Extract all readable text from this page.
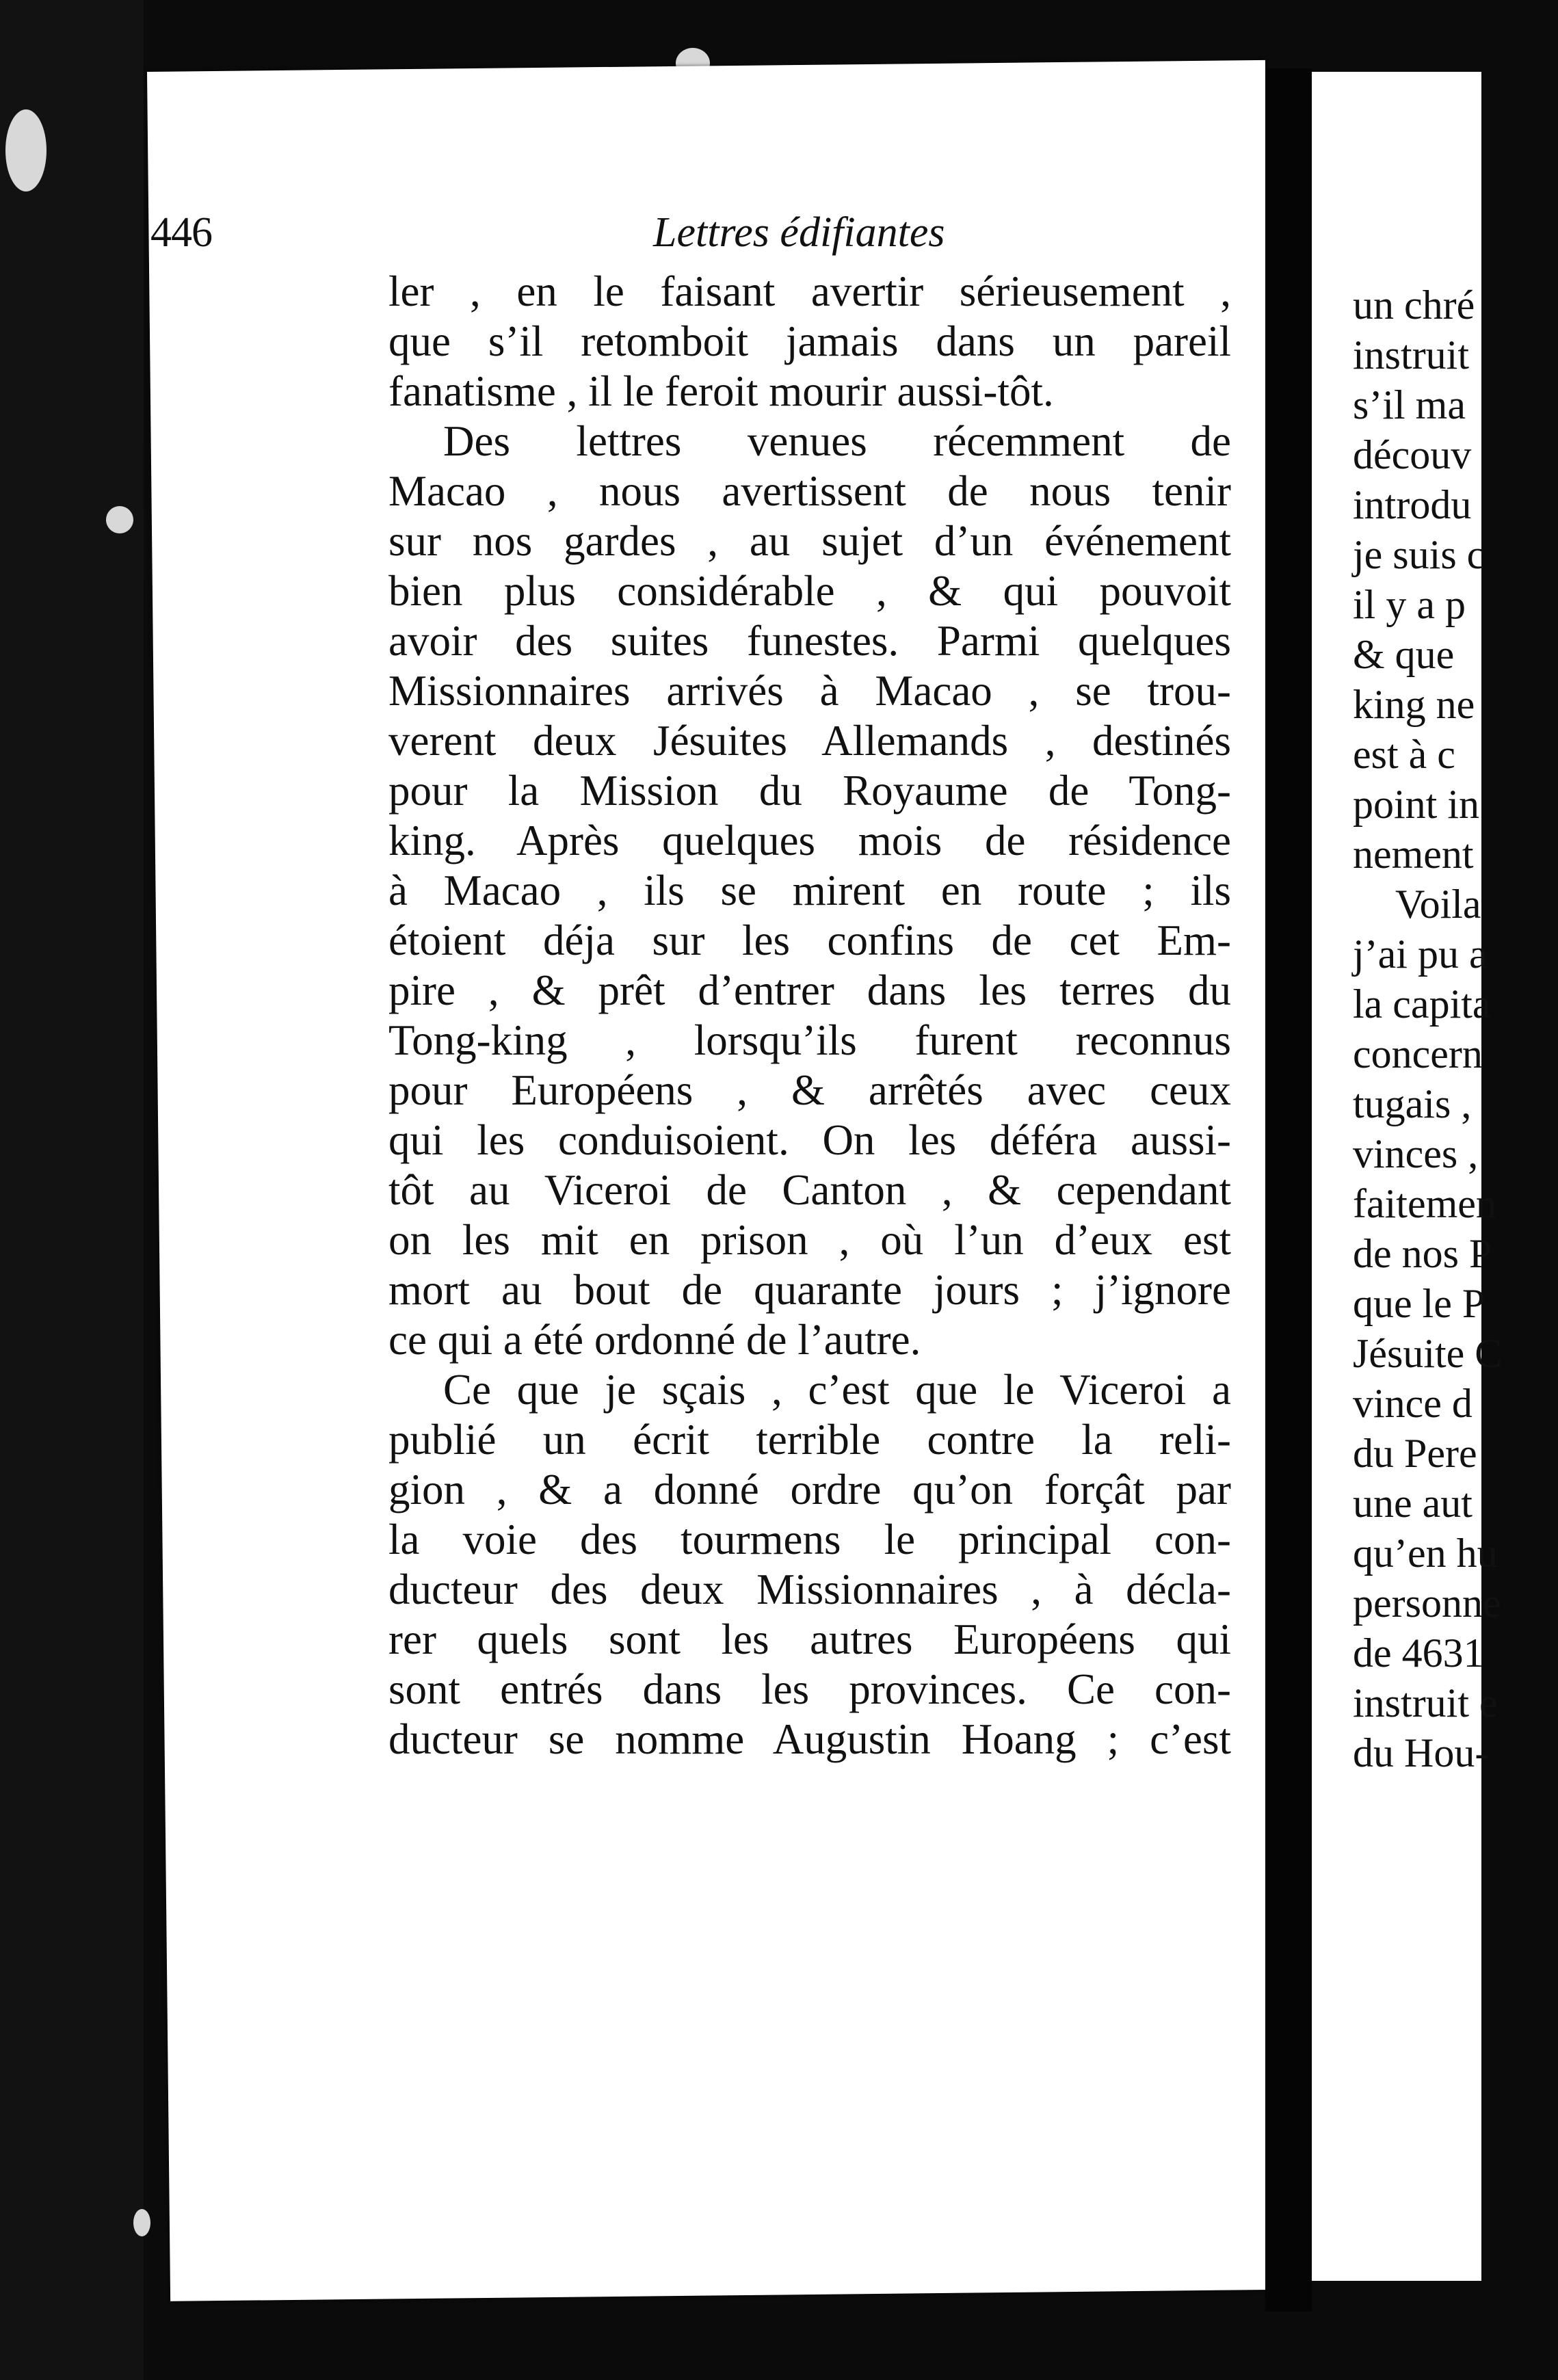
446	Lettres édifiantes
ler , en le faisant avertir sérieusement ,
que s’il retomboit jamais dans un pareil
fanatisme , il le feroit mourir aussi-tôt.
Des lettres venues récemment de
Macao , nous avertissent de nous tenir
sur nos gardes , au sujet d’un événement
bien plus considérable , & qui pouvoit
avoir des suites funestes. Parmi quelques
Missionnaires arrivés à Macao , se trou-
verent deux Jésuites Allemands , destinés
pour la Mission du Royaume de Tong-
king. Après quelques mois de résidence
à Macao , ils se mirent en route ; ils
étoient déja sur les confins de cet Em-
pire , & prêt d’entrer dans les terres du
Tong-king , lorsqu’ils furent reconnus
pour Européens , & arrêtés avec ceux
qui les conduisoient. On les déféra aussi-
tôt au Viceroi de Canton , & cependant
on les mit en prison , où l’un d’eux est
mort au bout de quarante jours ; j’ignore
ce qui a été ordonné de l’autre.
Ce que je sçais , c’est que le Viceroi a
publié un écrit terrible contre la reli-
gion , & a donné ordre qu’on forçât par
la voie des tourmens le principal con-
ducteur des deux Missionnaires , à décla-
rer quels sont les autres Européens qui
sont entrés dans les provinces. Ce con-
ducteur se nomme Augustin Hoang ; c’est
un chré
instruit
s’il ma
découv
introdu
je suis c
il y a p
& que
king ne
est à c
point in
nement
Voila
j’ai pu a
la capita
concern
tugais ,
vinces ,
faitemen
de nos P
que le P
Jésuite C
vince d
du Pere
une aut
qu’en hu
personne
de 4631
instruit e
du Hou-
